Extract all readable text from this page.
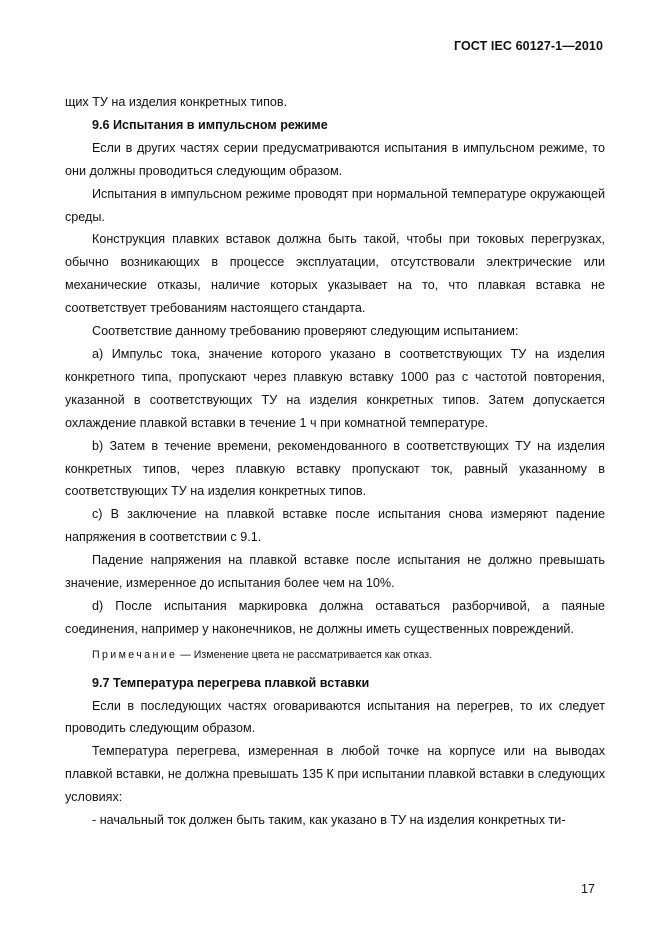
ГОСТ IEC 60127-1—2010

щих ТУ на изделия конкретных типов.

9.6 Испытания в импульсном режиме

Если в других частях серии предусматриваются испытания в импульсном режиме, то они должны проводиться следующим образом.

Испытания в импульсном режиме проводят при нормальной температуре окружающей среды.

Конструкция плавких вставок должна быть такой, чтобы при токовых перегрузках, обычно возникающих в процессе эксплуатации, отсутствовали электрические или механические отказы, наличие которых указывает на то, что плавкая вставка не соответствует требованиям настоящего стандарта.

Соответствие данному требованию проверяют следующим испытанием:

a) Импульс тока, значение которого указано в соответствующих ТУ на изделия конкретного типа, пропускают через плавкую вставку 1000 раз с частотой повторения, указанной в соответствующих ТУ на изделия конкретных типов. Затем допускается охлаждение плавкой вставки в течение 1 ч при комнатной температуре.

b) Затем в течение времени, рекомендованного в соответствующих ТУ на изделия конкретных типов, через плавкую вставку пропускают ток, равный указанному в соответствующих ТУ на изделия конкретных типов.

c) В заключение на плавкой вставке после испытания снова измеряют падение напряжения в соответствии с 9.1.

Падение напряжения на плавкой вставке после испытания не должно превышать значение, измеренное до испытания более чем на 10%.

d) После испытания маркировка должна оставаться разборчивой, а паяные соединения, например у наконечников, не должны иметь существенных повреждений.

Примечание — Изменение цвета не рассматривается как отказ.

9.7 Температура перегрева плавкой вставки

Если в последующих частях оговариваются испытания на перегрев, то их следует проводить следующим образом.

Температура перегрева, измеренная в любой точке на корпусе или на выводах плавкой вставки, не должна превышать 135 К при испытании плавкой вставки в следующих условиях:

- начальный ток должен быть таким, как указано в ТУ на изделия конкретных ти-

17
